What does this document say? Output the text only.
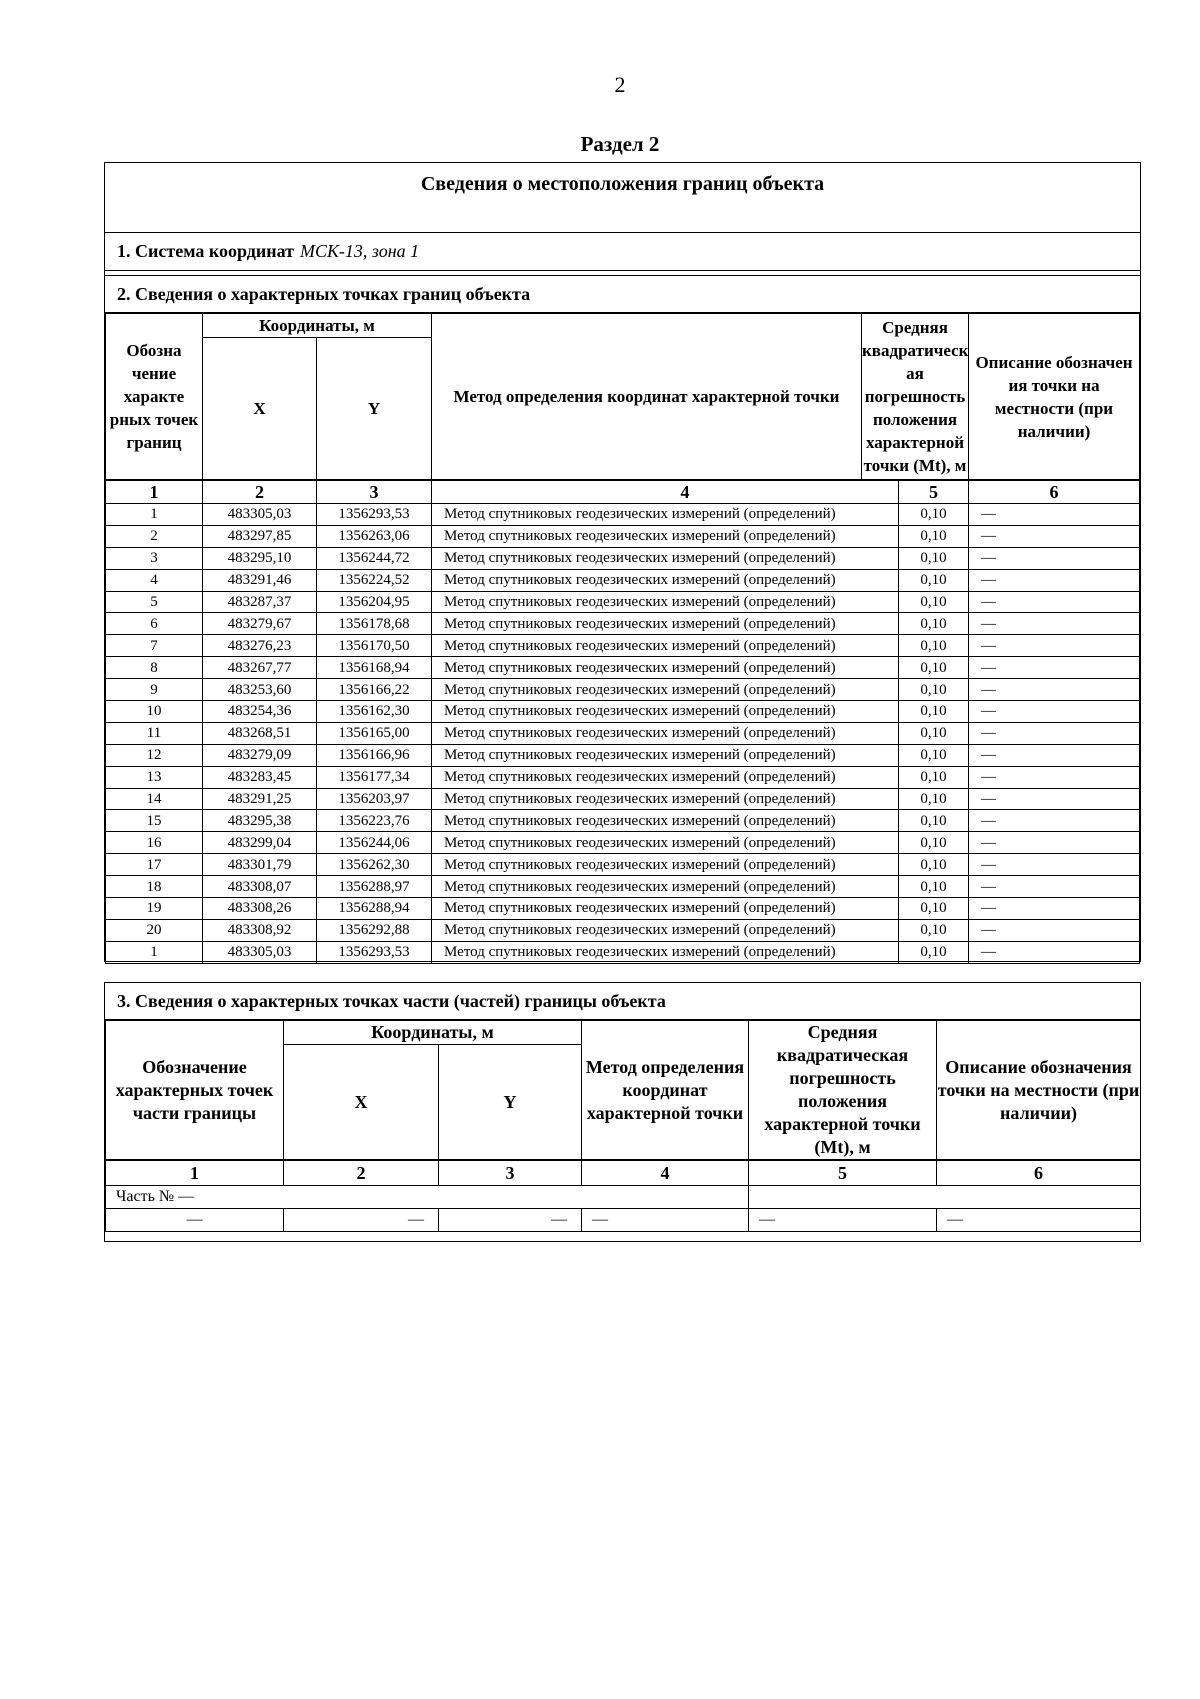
2
Раздел 2
Сведения о местоположения границ объекта
1. Система координат МСК-13, зона 1
2. Сведения о характерных точках границ объекта
Обозна чение характе рных точек границ	Координаты, м		Метод определения координат характерной точки	Средняя квадратическ ая погрешность положения характерной точки (Mt), м		Описание обозначен ия точки на местности (при наличии)
	X	Y				
1	2	3	4		5	6
1	483305,03	1356293,53	Метод спутниковых геодезических измерений (определений)		0,10	—
2	483297,85	1356263,06	Метод спутниковых геодезических измерений (определений)		0,10	—
3	483295,10	1356244,72	Метод спутниковых геодезических измерений (определений)		0,10	—
4	483291,46	1356224,52	Метод спутниковых геодезических измерений (определений)		0,10	—
5	483287,37	1356204,95	Метод спутниковых геодезических измерений (определений)		0,10	—
6	483279,67	1356178,68	Метод спутниковых геодезических измерений (определений)		0,10	—
7	483276,23	1356170,50	Метод спутниковых геодезических измерений (определений)		0,10	—
8	483267,77	1356168,94	Метод спутниковых геодезических измерений (определений)		0,10	—
9	483253,60	1356166,22	Метод спутниковых геодезических измерений (определений)		0,10	—
10	483254,36	1356162,30	Метод спутниковых геодезических измерений (определений)		0,10	—
11	483268,51	1356165,00	Метод спутниковых геодезических измерений (определений)		0,10	—
12	483279,09	1356166,96	Метод спутниковых геодезических измерений (определений)		0,10	—
13	483283,45	1356177,34	Метод спутниковых геодезических измерений (определений)		0,10	—
14	483291,25	1356203,97	Метод спутниковых геодезических измерений (определений)		0,10	—
15	483295,38	1356223,76	Метод спутниковых геодезических измерений (определений)		0,10	—
16	483299,04	1356244,06	Метод спутниковых геодезических измерений (определений)		0,10	—
17	483301,79	1356262,30	Метод спутниковых геодезических измерений (определений)		0,10	—
18	483308,07	1356288,97	Метод спутниковых геодезических измерений (определений)		0,10	—
19	483308,26	1356288,94	Метод спутниковых геодезических измерений (определений)		0,10	—
20	483308,92	1356292,88	Метод спутниковых геодезических измерений (определений)		0,10	—
1	483305,03	1356293,53	Метод спутниковых геодезических измерений (определений)		0,10	—
3. Сведения о характерных точках части (частей) границы объекта
Обозначение характерных точек части границы	Координаты, м		Метод определения координат характерной точки	Средняя квадратическая погрешность положения характерной точки (Mt), м	Описание обозначения точки на местности (при наличии)
	X	Y			
1	2	3	4	5	6
Часть № —					
—	—	—	—	—	—
